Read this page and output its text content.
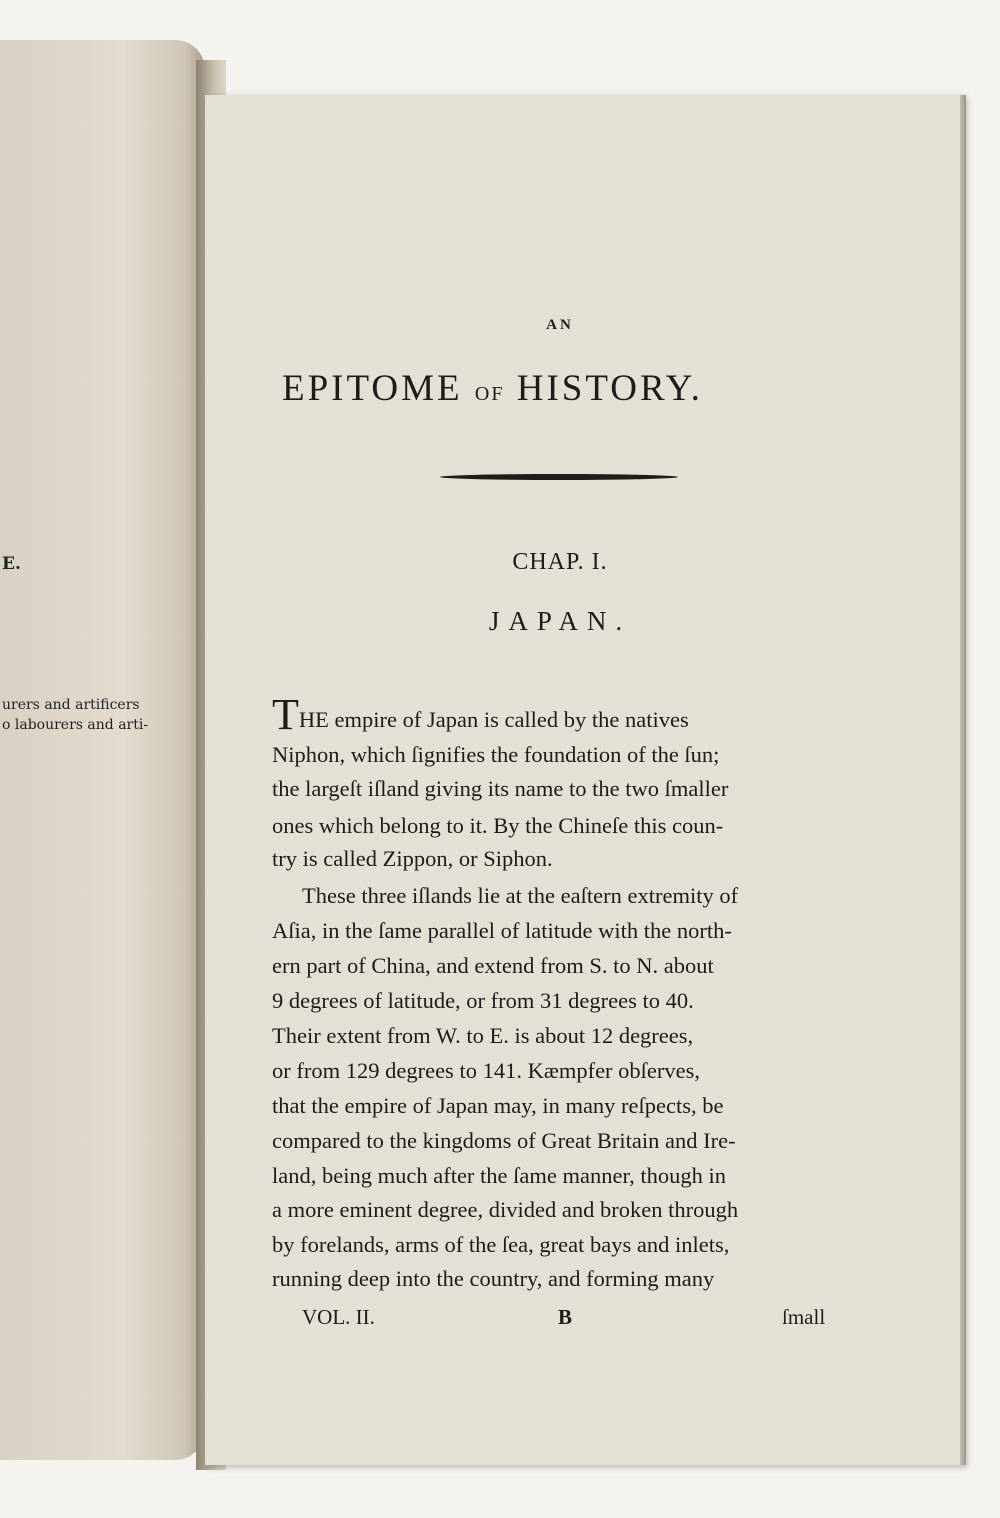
E.
urers and artificers
o labourers and arti-
AN
EPITOME OF HISTORY.
CHAP. I.
JAPAN.
THE empire of Japan is called by the natives
Niphon, which ſignifies the foundation of the ſun;
the largeſt iſland giving its name to the two ſmaller
ones which belong to it. By the Chineſe this coun-
try is called Zippon, or Siphon.
These three iſlands lie at the eaſtern extremity of
Aſia, in the ſame parallel of latitude with the north-
ern part of China, and extend from S. to N. about
9 degrees of latitude, or from 31 degrees to 40.
Their extent from W. to E. is about 12 degrees,
or from 129 degrees to 141. Kæmpfer obſerves,
that the empire of Japan may, in many reſpects, be
compared to the kingdoms of Great Britain and Ire-
land, being much after the ſame manner, though in
a more eminent degree, divided and broken through
by forelands, arms of the ſea, great bays and inlets,
running deep into the country, and forming many
VOL. II.	B	ſmall
